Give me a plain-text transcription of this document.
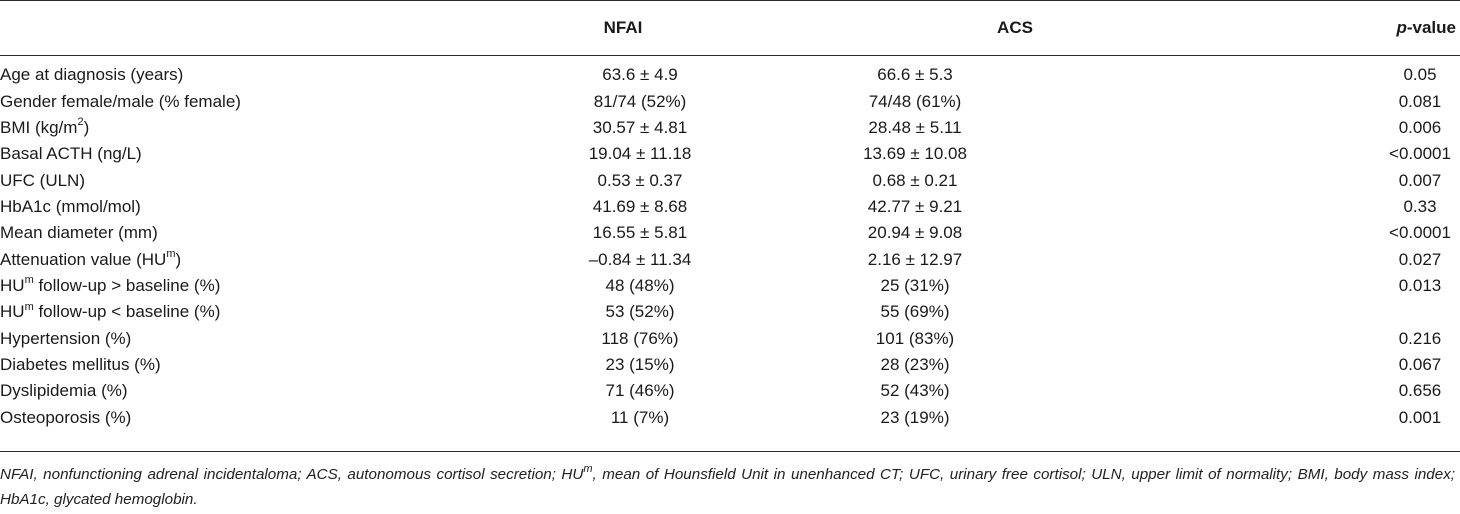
NFAI	ACS	p-value
Age at diagnosis (years)	63.6 ± 4.9	66.6 ± 5.3	0.05
Gender female/male (% female)	81/74 (52%)	74/48 (61%)	0.081
BMI $(kg/m^2)$	30.57 ± 4.81	28.48 ± 5.11	0.006
Basal ACTH (ng/L)	19.04 ± 11.18	13.69 ± 10.08	<0.0001
UFC (ULN)	0.53 ± 0.37	0.68 ± 0.21	0.007
HbA1c (mmol/mol)	41.69 ± 8.68	42.77 ± 9.21	0.33
Mean diameter (mm)	16.55 ± 5.81	20.94 ± 9.08	<0.0001
Attenuation value $(HU^m)$	–0.84 ± 11.34	2.16 ± 12.97	0.027
$HU^m$ follow-up > baseline (%)	48 (48%)	25 (31%)	0.013
$HU^m$ follow-up < baseline (%)	53 (52%)	55 (69%)	
Hypertension (%)	118 (76%)	101 (83%)	0.216
Diabetes mellitus (%)	23 (15%)	28 (23%)	0.067
Dyslipidemia (%)	71 (46%)	52 (43%)	0.656
Osteoporosis (%)	11 (7%)	23 (19%)	0.001
NFAI, nonfunctioning adrenal incidentaloma; ACS, autonomous cortisol secretion; $HU^m$, mean of Hounsfield Unit in unenhanced CT; UFC, urinary free cortisol; ULN, upper limit of normality; BMI, body mass index; HbA1c, glycated hemoglobin.
